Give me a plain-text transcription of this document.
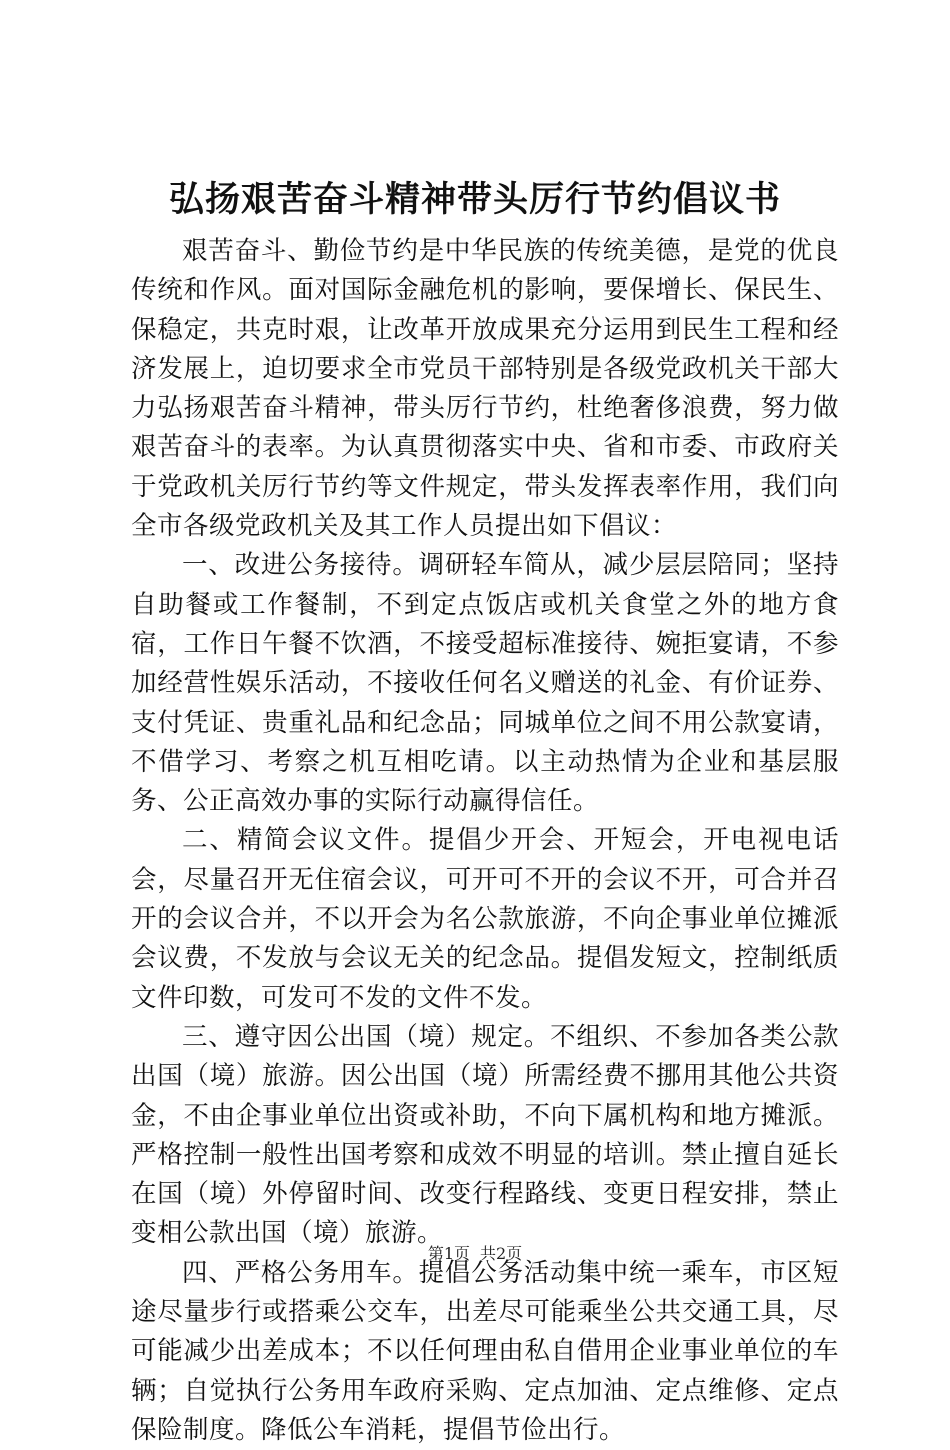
弘扬艰苦奋斗精神带头厉行节约倡议书

艰苦奋斗、勤俭节约是中华民族的传统美德，是党的优良传统和作风。面对国际金融危机的影响，要保增长、保民生、保稳定，共克时艰，让改革开放成果充分运用到民生工程和经济发展上，迫切要求全市党员干部特别是各级党政机关干部大力弘扬艰苦奋斗精神，带头厉行节约，杜绝奢侈浪费，努力做艰苦奋斗的表率。为认真贯彻落实中央、省和市委、市政府关于党政机关厉行节约等文件规定，带头发挥表率作用，我们向全市各级党政机关及其工作人员提出如下倡议：

一、改进公务接待。调研轻车简从，减少层层陪同；坚持自助餐或工作餐制，不到定点饭店或机关食堂之外的地方食宿，工作日午餐不饮酒，不接受超标准接待、婉拒宴请，不参加经营性娱乐活动，不接收任何名义赠送的礼金、有价证券、支付凭证、贵重礼品和纪念品；同城单位之间不用公款宴请，不借学习、考察之机互相吃请。以主动热情为企业和基层服务、公正高效办事的实际行动赢得信任。

二、精简会议文件。提倡少开会、开短会，开电视电话会，尽量召开无住宿会议，可开可不开的会议不开，可合并召开的会议合并，不以开会为名公款旅游，不向企事业单位摊派会议费，不发放与会议无关的纪念品。提倡发短文，控制纸质文件印数，可发可不发的文件不发。

三、遵守因公出国（境）规定。不组织、不参加各类公款出国（境）旅游。因公出国（境）所需经费不挪用其他公共资金，不由企事业单位出资或补助，不向下属机构和地方摊派。严格控制一般性出国考察和成效不明显的培训。禁止擅自延长在国（境）外停留时间、改变行程路线、变更日程安排，禁止变相公款出国（境）旅游。

四、严格公务用车。提倡公务活动集中统一乘车，市区短途尽量步行或搭乘公交车，出差尽可能乘坐公共交通工具，尽可能减少出差成本；不以任何理由私自借用企业事业单位的车辆；自觉执行公务用车政府采购、定点加油、定点维修、定点保险制度。降低公车消耗，提倡节俭出行。

第1页 共2页
